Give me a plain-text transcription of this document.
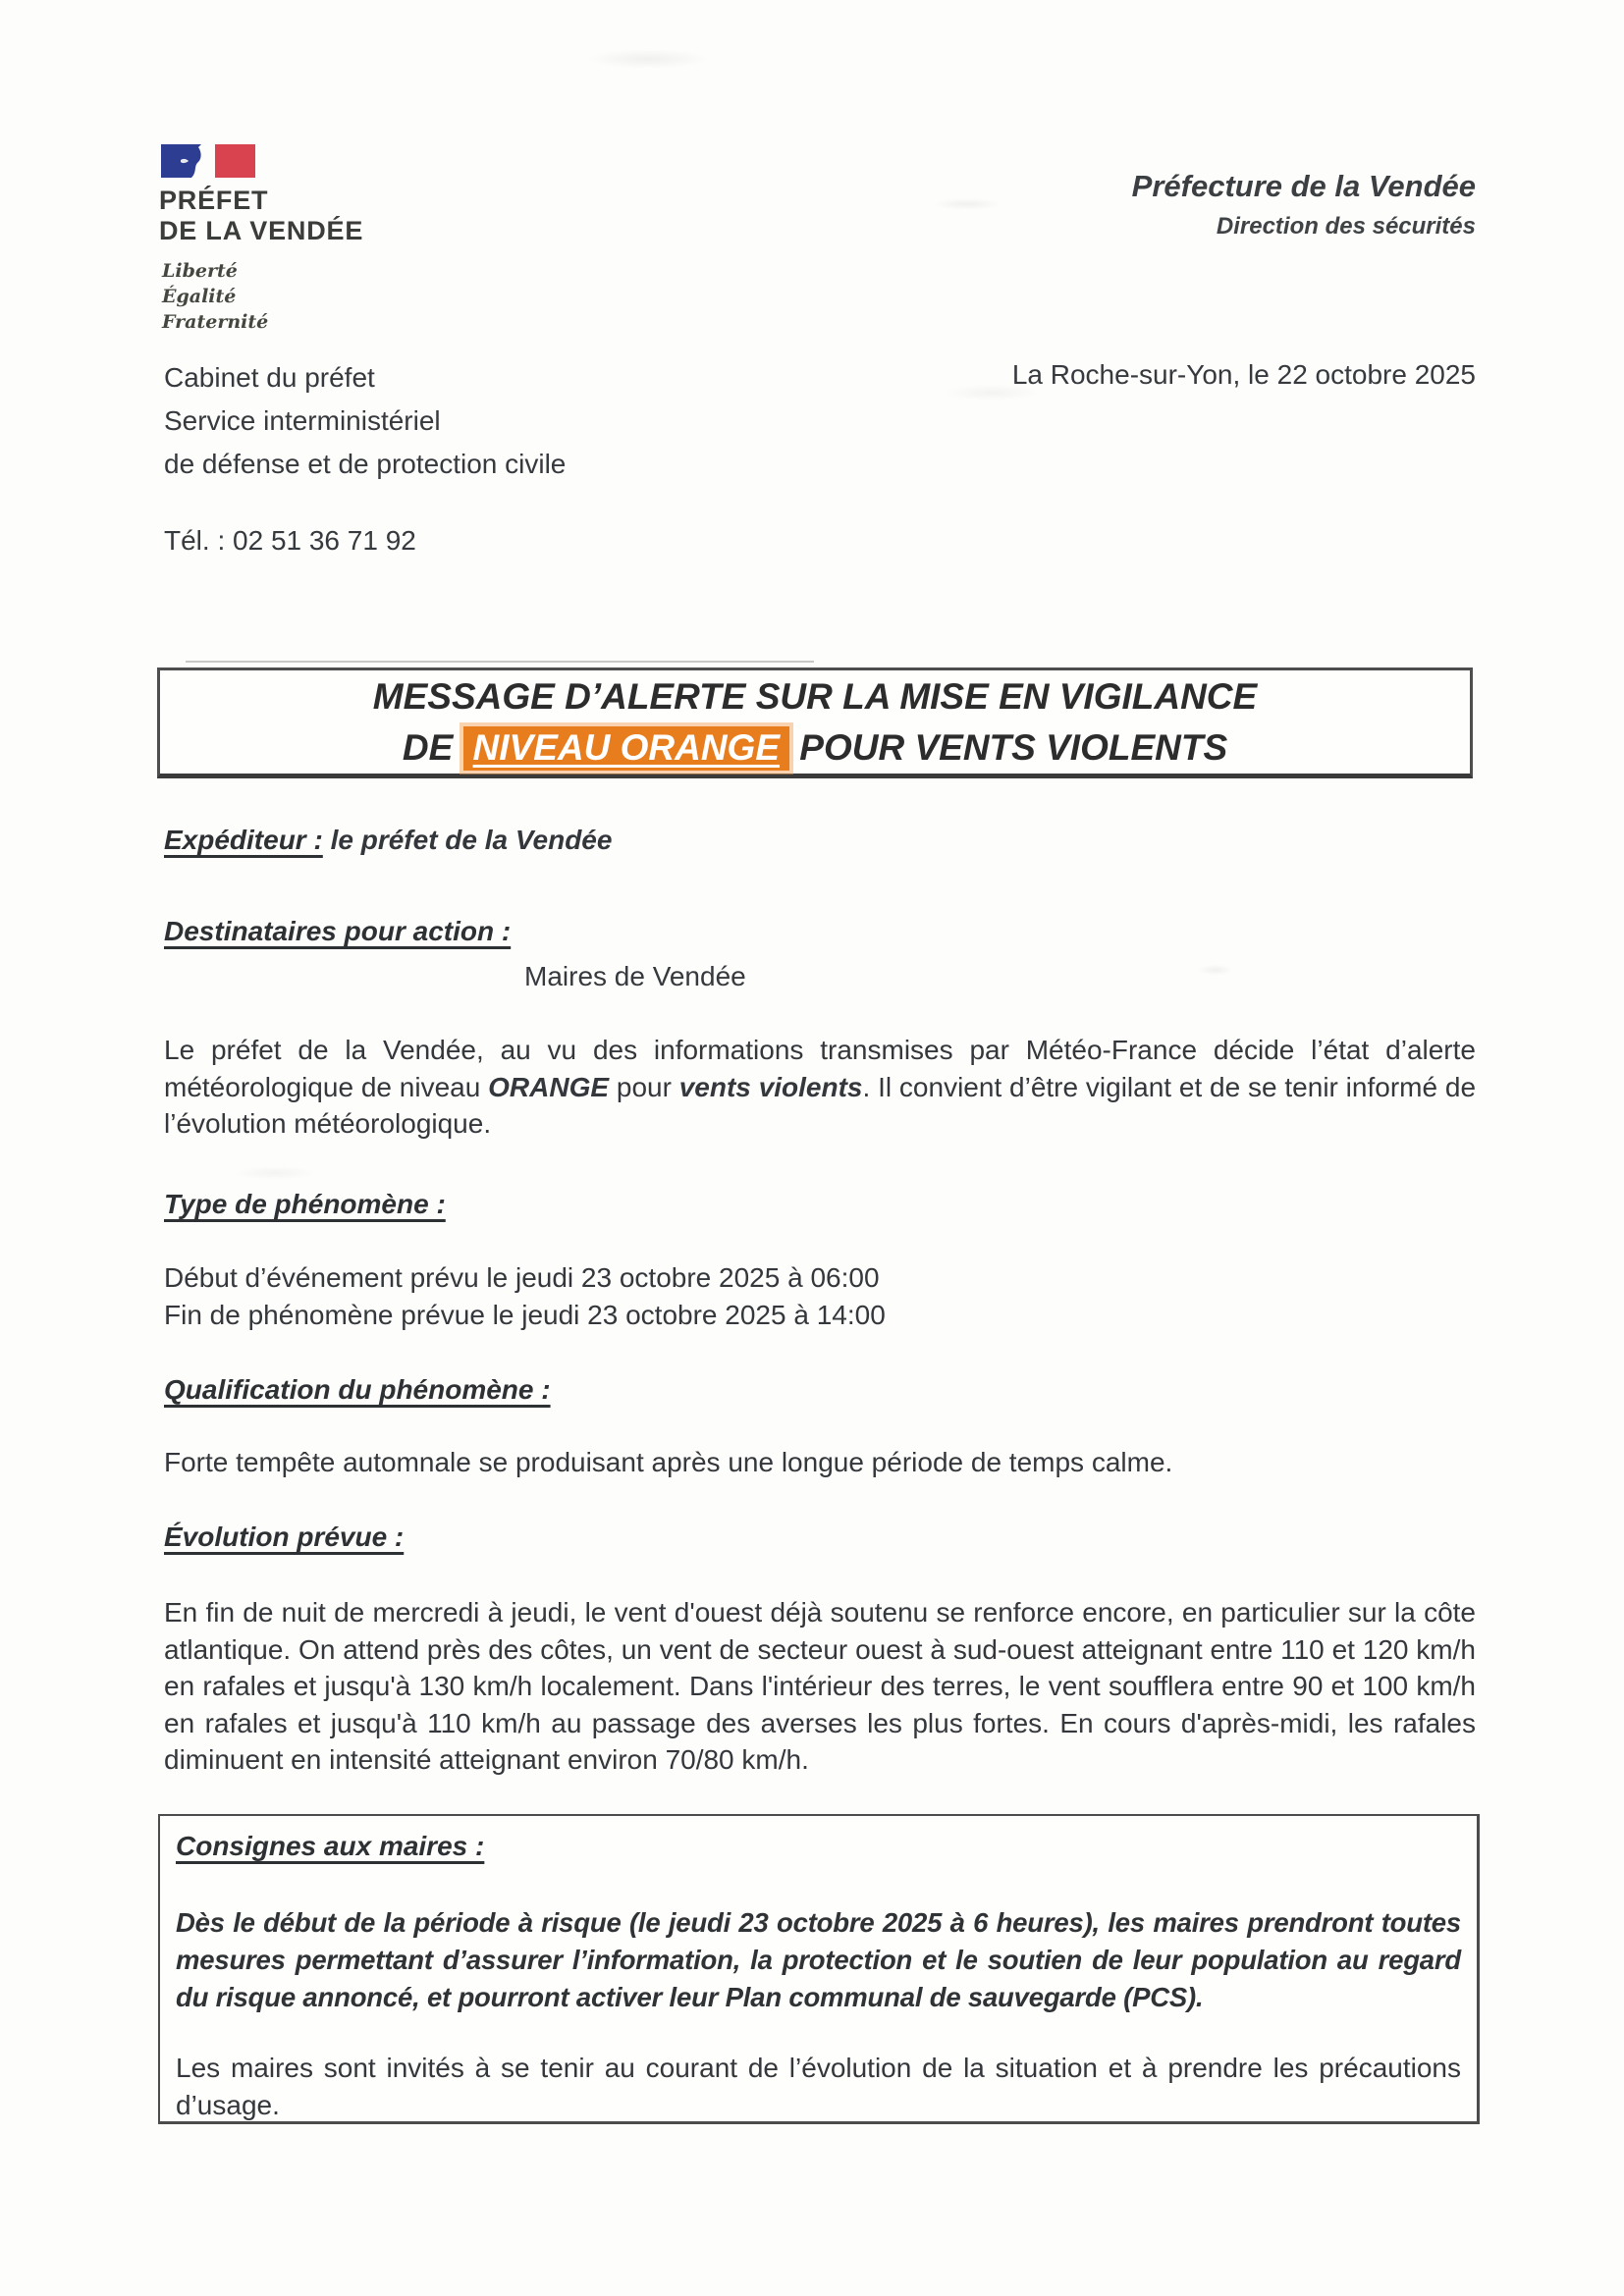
PRÉFET
DE LA VENDÉE
Liberté
Égalité
Fraternité
Préfecture de la Vendée
Direction des sécurités
Cabinet du préfet
Service interministériel
de défense et de protection civile
La Roche-sur-Yon, le 22 octobre 2025
Tél. : 02 51 36 71 92
MESSAGE D’ALERTE SUR LA MISE EN VIGILANCE
DE NIVEAU ORANGE POUR VENTS VIOLENTS
Expéditeur : le préfet de la Vendée
Destinataires pour action :
Maires de Vendée
Le préfet de la Vendée, au vu des informations transmises par Météo-France décide l’état d’alerte météorologique de niveau ORANGE pour vents violents. Il convient d’être vigilant et de se tenir informé de l’évolution météorologique.
Type de phénomène :
Début d’événement prévu le jeudi 23 octobre 2025 à 06:00
Fin de phénomène prévue le jeudi 23 octobre 2025 à 14:00
Qualification du phénomène :
Forte tempête automnale se produisant après une longue période de temps calme.
Évolution prévue :
En fin de nuit de mercredi à jeudi, le vent d'ouest déjà soutenu se renforce encore, en particulier sur la côte atlantique. On attend près des côtes, un vent de secteur ouest à sud-ouest atteignant entre 110 et 120 km/h en rafales et jusqu'à 130 km/h localement. Dans l'intérieur des terres, le vent soufflera entre 90 et 100 km/h en rafales et jusqu'à 110 km/h au passage des averses les plus fortes. En cours d'après-midi, les rafales diminuent en intensité atteignant environ 70/80 km/h.
Consignes aux maires :
Dès le début de la période à risque (le jeudi 23 octobre 2025 à 6 heures), les maires prendront toutes mesures permettant d’assurer l’information, la protection et le soutien de leur population au regard du risque annoncé, et pourront activer leur Plan communal de sauvegarde (PCS).
Les maires sont invités à se tenir au courant de l’évolution de la situation et à prendre les précautions d’usage.
